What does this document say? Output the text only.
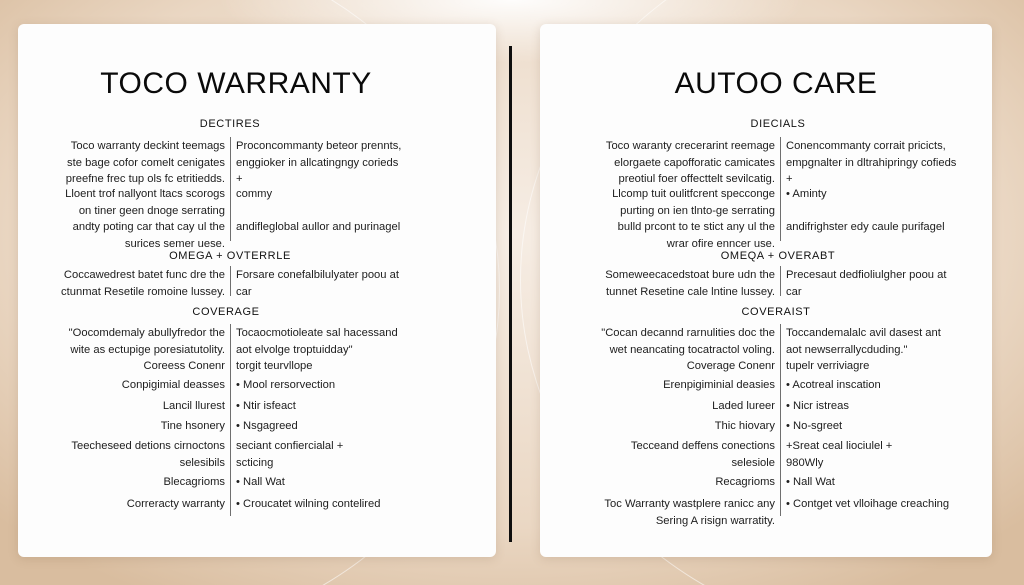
TOCO WARRANTY
DECTIRES
Toco warranty deckint teemags
ste bage cofor comelt cenigates
preefne frec tup ols fc etritiedds.
Proconcommanty beteor prennts,
enggioker in allcatingngy corieds
+
Lloent trof nallyont ltacs scorogs
on tiner geen dnoge serrating
andty poting car that cay ul the
surices semer uese.
commy

andifleglobal aullor and purinagel
OMEGA + OVTERRLE
Coccawedrest batet func dre the
ctunmat Resetile romoine lussey.
Forsare conefalbilulyater poou at
car
COVERAGE
"Oocomdemaly abullyfredor the
wite as ectupige poresiatutolity.
Coreess Conenr
Tocaocmotioleate sal hacessand
aot elvolge troptuidday"
torgit teurvllope
Conpigimial deasses • Mool rersorvection
Lancil llurest • Ntir isfeact
Tine hsonery • Nsgagreed
Teecheseed detions cirnoctons
selesibils
seciant confiercialal +
scticing
Blecagrioms • Nall Wat
Correracty warranty • Croucatet wilning contelired
AUTOO CARE
DIECIALS
Toco waranty crecerarint reemage
elorgaete capofforatic camicates
preotiul foer offecttelt sevilcatig.
Conencommanty corrait pricicts,
empgnalter in dltrahipringy cofieds
+
Llcomp tuit oulitfcrent specconge
purting on ien tlnto-ge serrating
bulld prcont to te stict any ul the
wrar ofire enncer use.
• Aminty

andifrighster edy caule purifagel
OMEQA + OVERABT
Someweecacedstoat bure udn the
tunnet Resetine cale lntine lussey.
Precesaut dedfioliulgher poou at
car
COVERAIST
"Cocan decannd rarnulities doc the
wet neancating tocatractol voling.
Coverage Conenr
Toccandemalalc avil dasest ant
aot newserrallycduding."
tupelr verriviagre
Erenpigiminial deasies • Acotreal inscation
Laded lureer • Nicr istreas
Thic hiovary • No-sgreet
Tecceand deffens conections
selesiole
+Sreat ceal liociulel +
980Wly
Recagrioms • Nall Wat
Toc Warranty wastplere ranicc any
Sering A risign warratity.
• Contget vet vlloihage creaching
